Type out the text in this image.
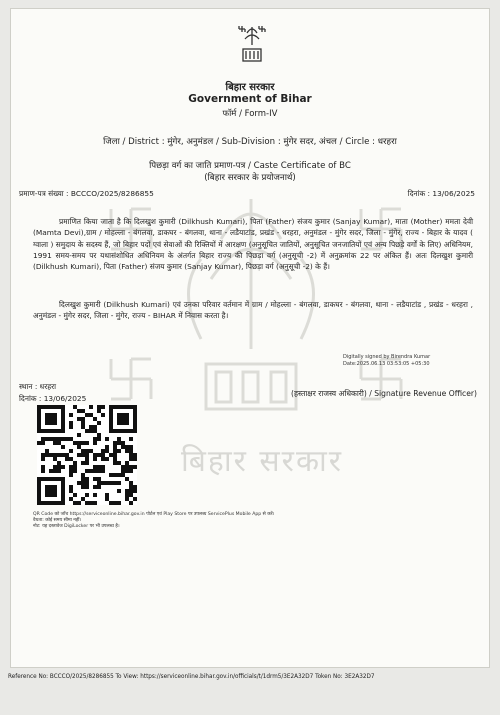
बिहार सरकार
बिहार सरकार
Government of Bihar
फॉर्म / Form-IV
जिला / District : मुंगेर, अनुमंडल / Sub-Division : मुंगेर सदर, अंचल / Circle : धरहरा
पिछड़ा वर्ग का जाति प्रमाण-पत्र / Caste Certificate of BC
(बिहार सरकार के प्रयोजनार्थ)
प्रमाण-पत्र संख्या : BCCCO/2025/8286855	दिनांक : 13/06/2025
प्रमाणित किया जाता है कि दिलखुश कुमारी (Dilkhush Kumari), पिता (Father) संजय कुमार (Sanjay Kumar), माता (Mother) ममता देवी (Mamta Devi),ग्राम / मोहल्ला - बंगलवा, डाकघर - बंगलवा, थाना - लडैयाटांड, प्रखंड - धरहरा, अनुमंडल - मुंगेर सदर, जिला - मुंगेर, राज्य - बिहार के यादव ( ग्वाला ) समुदाय के सदस्य हैं, जो बिहार पदों एवं सेवाओं की रिक्तियों में आरक्षण (अनुसूचित जातियों, अनुसूचित जनजातियों एवं अन्य पिछड़े वर्गों के लिए) अधिनियम, 1991 समय-समय पर यथासंशोधित अधिनियम के अंतर्गत बिहार राज्य की पिछड़ा वर्ग (अनुसूची -2) में अनुक्रमांक 22 पर अंकित हैं। अतः दिलखुश कुमारी (Dilkhush Kumari), पिता (Father) संजय कुमार (Sanjay Kumar), पिछड़ा वर्ग (अनुसूची -2) के हैं।
दिलखुश कुमारी (Dilkhush Kumari) एवं उनका परिवार वर्तमान में ग्राम / मोहल्ला - बंगलवा, डाकघर - बंगलवा, थाना - लडैयाटांड , प्रखंड - धरहरा , अनुमंडल - मुंगेर सदर, जिला - मुंगेर, राज्य - BIHAR में निवास करता है।
Digitally signed by Birendra Kumar
Date:2025.06.13 03:53:05 +05:30
स्थान : धरहरा
दिनांक : 13/06/2025
(हस्ताक्षर राजस्व अधिकारी) / Signature Revenue Officer)
QR Code को जाँच https://serviceonline.bihar.gov.in पोर्टल एवं Play Store पर उपलब्ध ServicePlus Mobile App से करें।
वैधता: कोई समय सीमा नहीं।
नोट: यह दस्तावेज DigiLocker पर भी उपलब्ध है।
Reference No: BCCCO/2025/8286855 To View: https://serviceonline.bihar.gov.in/officials/t/1drm5/3E2A32D7 Token No: 3E2A32D7
